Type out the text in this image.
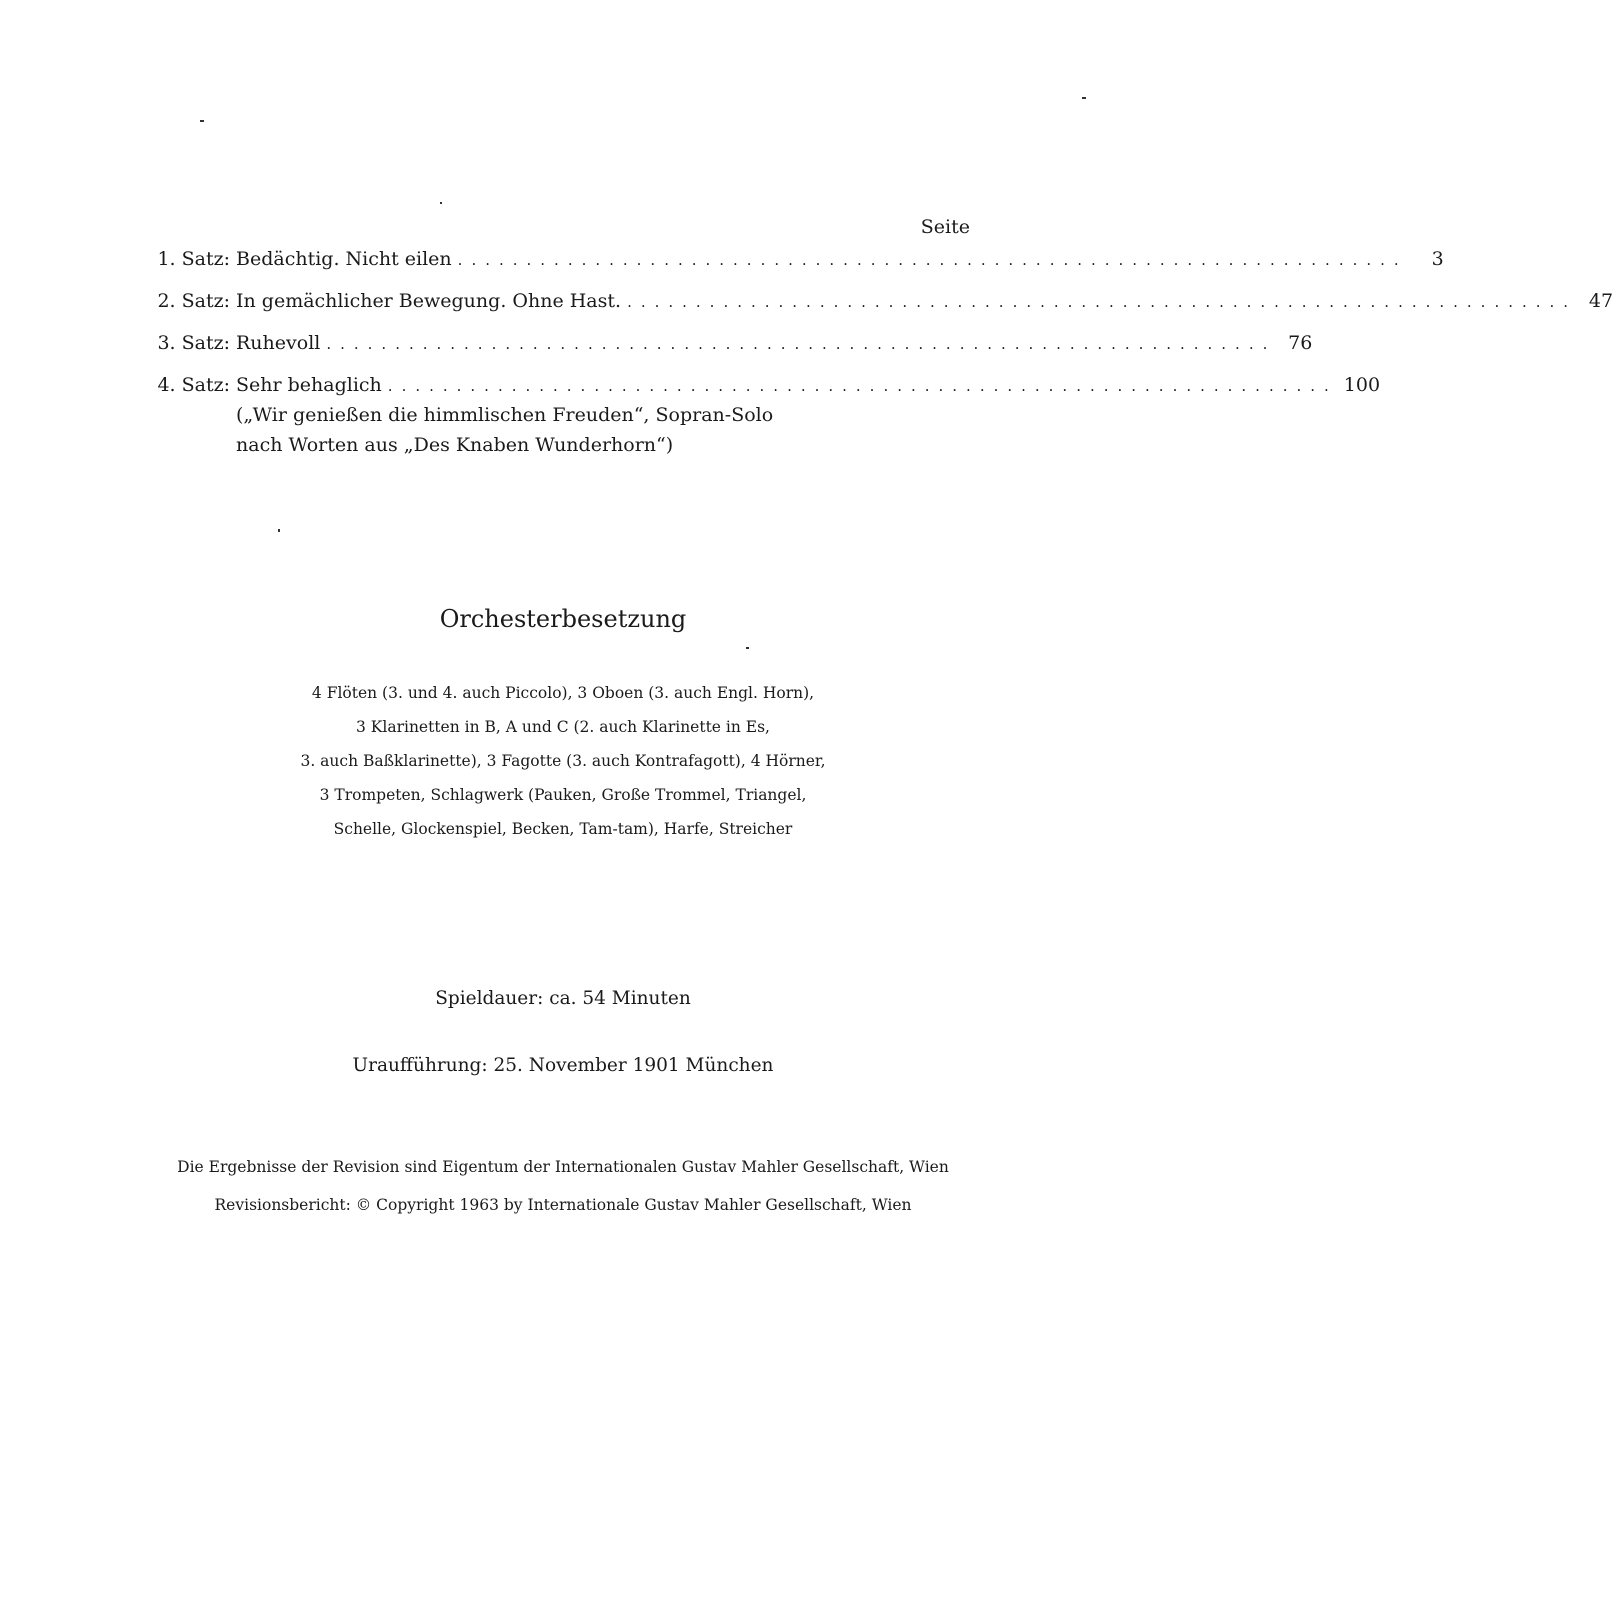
Seite
1. Satz: Bedächtig. Nicht eilen .....................................................................	3
2. Satz: In gemächlicher Bewegung. Ohne Hast. ..................................................................... 47
3. Satz: Ruhevoll ..................................................................... 76
4. Satz: Sehr behaglich ..................................................................... 100
(„Wir genießen die himmlischen Freuden“, Sopran-Solo
nach Worten aus „Des Knaben Wunderhorn“)
Orchesterbesetzung
4 Flöten (3. und 4. auch Piccolo), 3 Oboen (3. auch Engl. Horn),
3 Klarinetten in B, A und C (2. auch Klarinette in Es,
3. auch Baßklarinette), 3 Fagotte (3. auch Kontrafagott), 4 Hörner,
3 Trompeten, Schlagwerk (Pauken, Große Trommel, Triangel,
Schelle, Glockenspiel, Becken, Tam-tam), Harfe, Streicher
Spieldauer: ca. 54 Minuten
Uraufführung: 25. November 1901 München
Die Ergebnisse der Revision sind Eigentum der Internationalen Gustav Mahler Gesellschaft, Wien
Revisionsbericht: © Copyright 1963 by Internationale Gustav Mahler Gesellschaft, Wien
